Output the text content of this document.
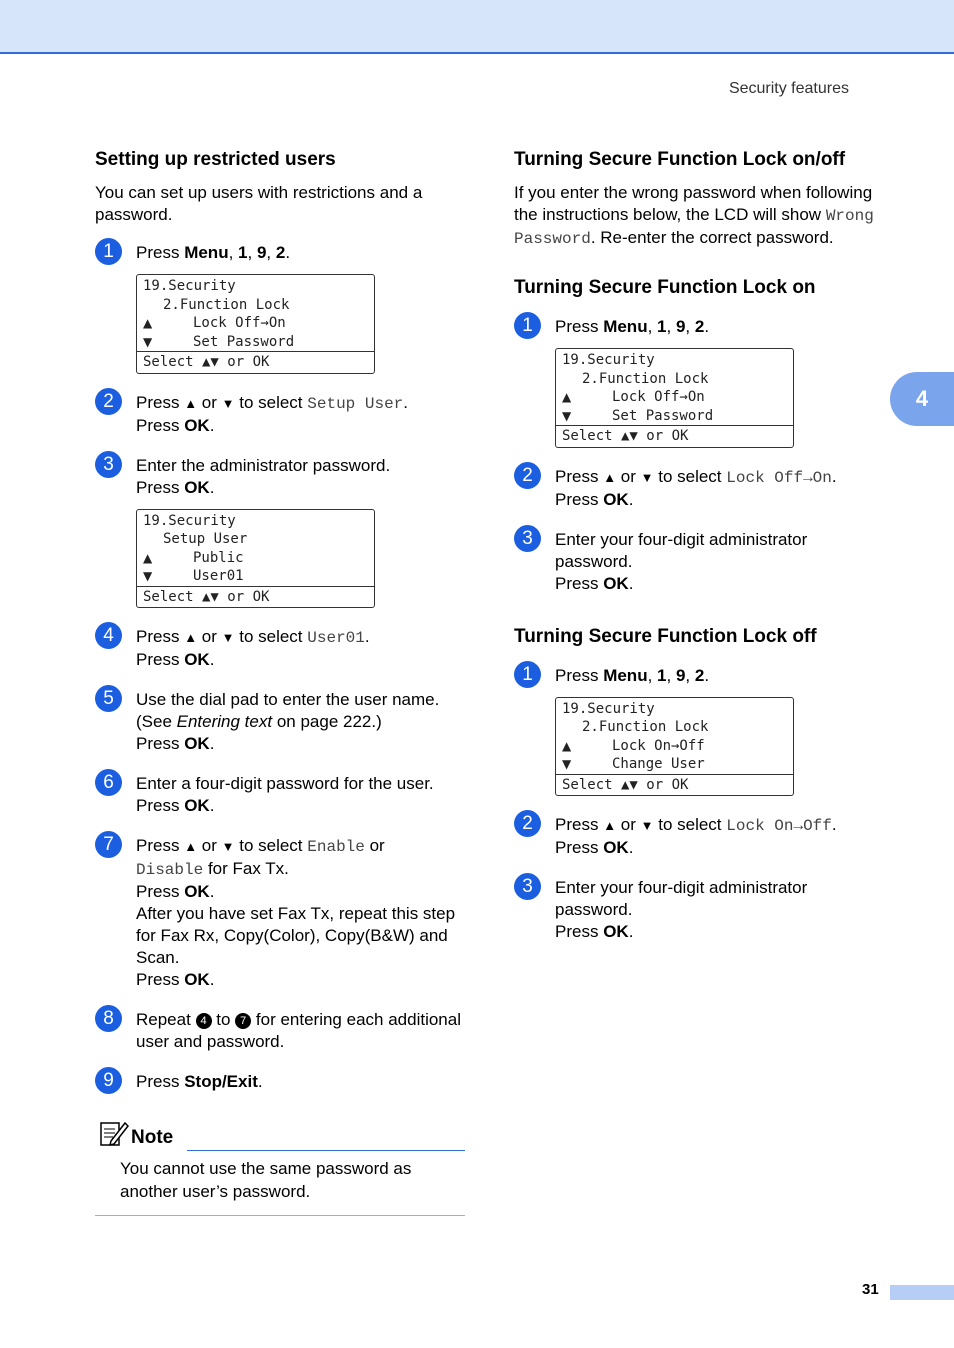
Security features
Setting up restricted users

You can set up users with restrictions and a password.

1	Press Menu, 1, 9, 2.
19.Security
2.Function Lock
▲	Lock Off→On
▼	Set Password
Select ▲▼ or OK
2	Press ▲ or ▼ to select Setup User.
Press OK.
3	Enter the administrator password.
Press OK.
19.Security
Setup User
▲	Public
▼	User01
Select ▲▼ or OK
4	Press ▲ or ▼ to select User01.
Press OK.
5	Use the dial pad to enter the user name.
(See Entering text on page 222.)
Press OK.
6	Enter a four-digit password for the user.
Press OK.
7	Press ▲ or ▼ to select Enable or
Disable for Fax Tx.
Press OK.
After you have set Fax Tx, repeat this step for Fax Rx, Copy(Color), Copy(B&W) and Scan.
Press OK.
8	Repeat 4 to 7 for entering each additional user and password.
9	Press Stop/Exit.
Note
You cannot use the same password as another user’s password.
Turning Secure Function Lock on/off

If you enter the wrong password when following the instructions below, the LCD will show Wrong Password. Re-enter the correct password.

Turning Secure Function Lock on
1	Press Menu, 1, 9, 2.
19.Security
2.Function Lock
▲	Lock Off→On
▼	Set Password
Select ▲▼ or OK
2	Press ▲ or ▼ to select Lock Off→On.
Press OK.
3	Enter your four-digit administrator password.
Press OK.
Turning Secure Function Lock off
1	Press Menu, 1, 9, 2.
19.Security
2.Function Lock
▲	Lock On→Off
▼	Change User
Select ▲▼ or OK
2	Press ▲ or ▼ to select Lock On→Off.
Press OK.
3	Enter your four-digit administrator password.
Press OK.
4
31
